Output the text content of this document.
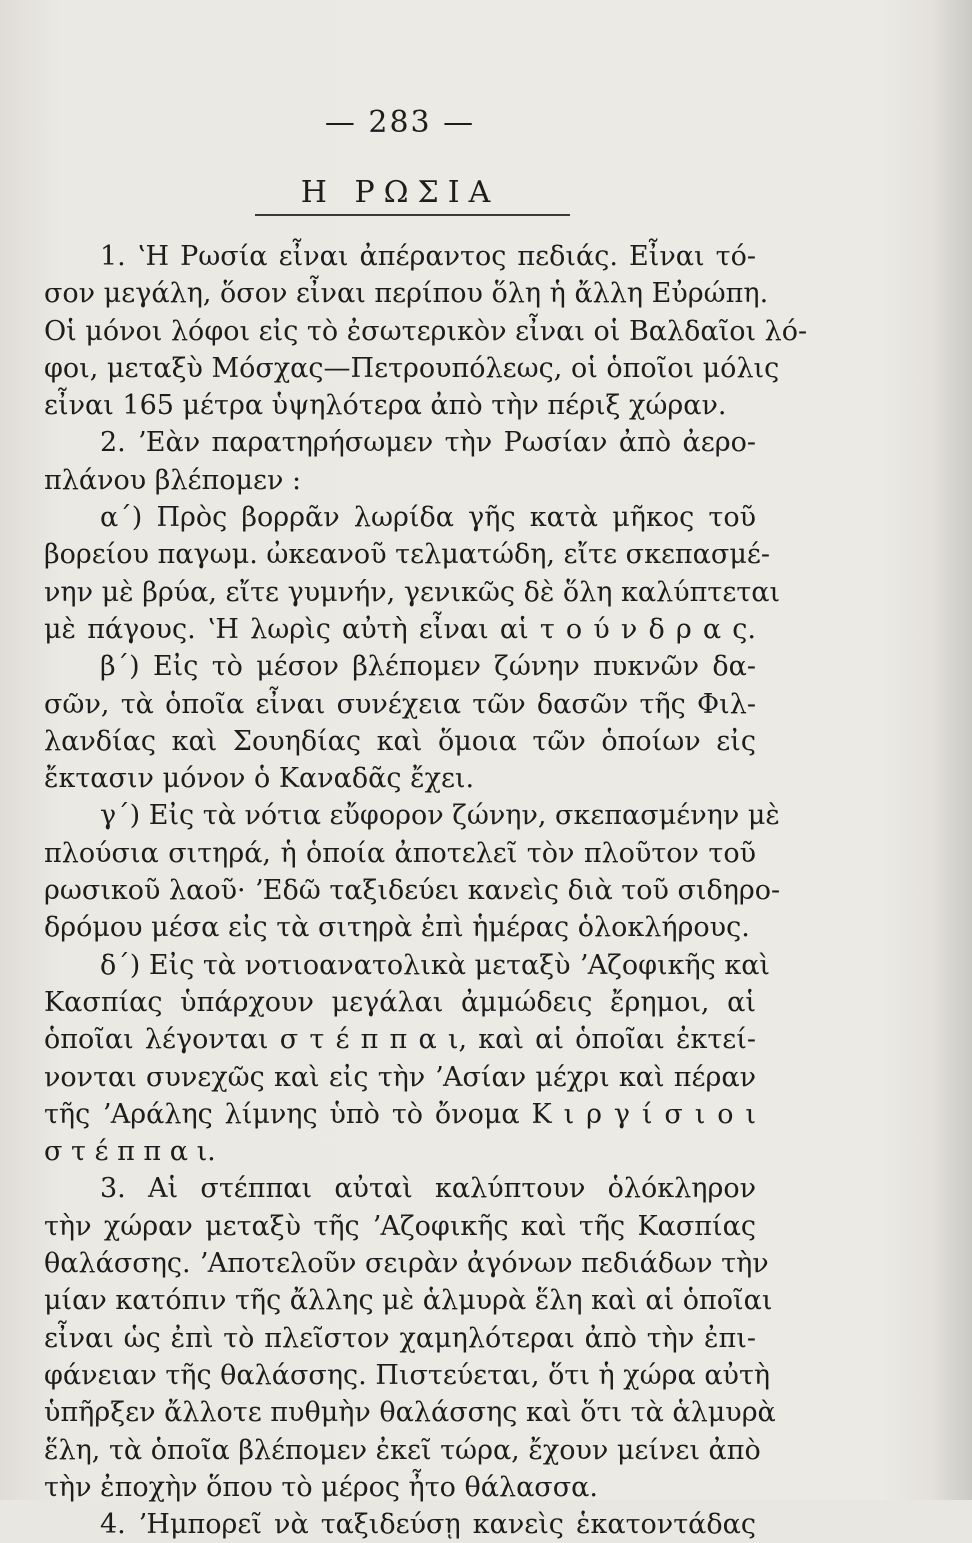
— 283 —
Η ΡΩΣΙΑ
1. ʽΗ Ρωσία εἶναι ἀπέραντος πεδιάς. Εἶναι τό-
σον μεγάλη, ὅσον εἶναι περίπου ὅλη ἡ ἄλλη Εὐρώπη.
Οἱ μόνοι λόφοι εἰς τὸ ἐσωτερικὸν εἶναι οἱ Βαλδαῖοι λό-
φοι, μεταξὺ Μόσχας—Πετρουπόλεως, οἱ ὁποῖοι μόλις
εἶναι 165 μέτρα ὑψηλότερα ἀπὸ τὴν πέριξ χώραν.
2. ʼΕὰν παρατηρήσωμεν τὴν Ρωσίαν ἀπὸ ἀερο-
πλάνου βλέπομεν :
α΄) Πρὸς βορρᾶν λωρίδα γῆς κατὰ μῆκος τοῦ
βορείου παγωμ. ὠκεανοῦ τελματώδη, εἴτε σκεπασμέ-
νην μὲ βρύα, εἴτε γυμνήν, γενικῶς δὲ ὅλη καλύπτεται
μὲ πάγους. ʽΗ λωρὶς αὐτὴ εἶναι αἱ τ ο ύ ν δ ρ α ς.
β΄) Εἰς τὸ μέσον βλέπομεν ζώνην πυκνῶν δα-
σῶν, τὰ ὁποῖα εἶναι συνέχεια τῶν δασῶν τῆς Φιλ-
λανδίας καὶ Σουηδίας καὶ ὅμοια τῶν ὁποίων εἰς
ἔκτασιν μόνον ὁ Καναδᾶς ἔχει.
γ΄) Εἰς τὰ νότια εὔφορον ζώνην, σκεπασμένην μὲ
πλούσια σιτηρά, ἡ ὁποία ἀποτελεῖ τὸν πλοῦτον τοῦ
ρωσικοῦ λαοῦ· ʼΕδῶ ταξιδεύει κανεὶς διὰ τοῦ σιδηρο-
δρόμου μέσα εἰς τὰ σιτηρὰ ἐπὶ ἡμέρας ὁλοκλήρους.
δ΄) Εἰς τὰ νοτιοανατολικὰ μεταξὺ ʼΑζοφικῆς καὶ
Κασπίας ὑπάρχουν μεγάλαι ἀμμώδεις ἔρημοι, αἱ
ὁποῖαι λέγονται σ τ έ π π α ι, καὶ αἱ ὁποῖαι ἐκτεί-
νονται συνεχῶς καὶ εἰς τὴν ʼΑσίαν μέχρι καὶ πέραν
τῆς ʼΑράλης λίμνης ὑπὸ τὸ ὄνομα Κ ι ρ γ ί σ ι ο ι
σ τ έ π π α ι.
3. Αἱ στέππαι αὐταὶ καλύπτουν ὁλόκληρον
τὴν χώραν μεταξὺ τῆς ʼΑζοφικῆς καὶ τῆς Κασπίας
θαλάσσης. ʼΑποτελοῦν σειρὰν ἀγόνων πεδιάδων τὴν
μίαν κατόπιν τῆς ἄλλης μὲ ἁλμυρὰ ἕλη καὶ αἱ ὁποῖαι
εἶναι ὡς ἐπὶ τὸ πλεῖστον χαμηλότεραι ἀπὸ τὴν ἐπι-
φάνειαν τῆς θαλάσσης. Πιστεύεται, ὅτι ἡ χώρα αὐτὴ
ὑπῆρξεν ἄλλοτε πυθμὴν θαλάσσης καὶ ὅτι τὰ ἁλμυρὰ
ἕλη, τὰ ὁποῖα βλέπομεν ἐκεῖ τώρα, ἔχουν μείνει ἀπὸ
τὴν ἐποχὴν ὅπου τὸ μέρος ἦτο θάλασσα.
4. ʼΗμπορεῖ νὰ ταξιδεύσῃ κανεὶς ἑκατοντάδας
